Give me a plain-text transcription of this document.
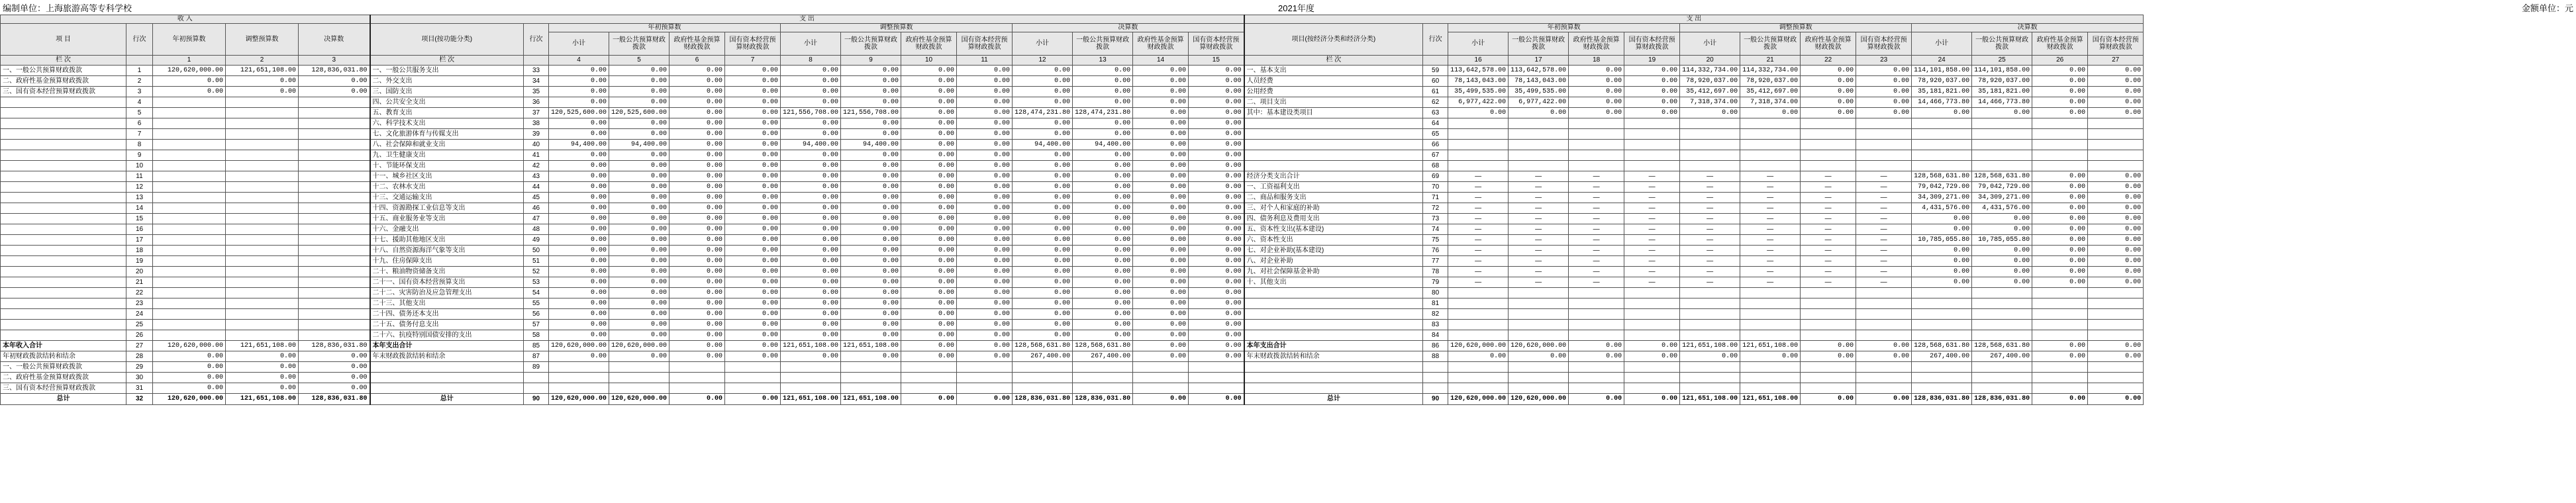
编制单位：上海旅游高等专科学校	2021年度	金额单位：元
收 入					支 出														支 出													
项 目	行次	年初预算数	调整预算数	决算数	项目(按功能分类)	行次	年初预算数				调整预算数				决算数				项目(按经济分类和经济分类)	行次	年初预算数				调整预算数				决算数			
							小计	一般公共预算财政拨款	政府性基金预算财政拨款	国有资本经营预算财政拨款	小计	一般公共预算财政拨款	政府性基金预算财政拨款	国有资本经营预算财政拨款	小计	一般公共预算财政拨款	政府性基金预算财政拨款	国有资本经营预算财政拨款			小计	一般公共预算财政拨款	政府性基金预算财政拨款	国有资本经营预算财政拨款	小计	一般公共预算财政拨款	政府性基金预算财政拨款	国有资本经营预算财政拨款	小计	一般公共预算财政拨款	政府性基金预算财政拨款	国有资本经营预算财政拨款
栏 次		1	2	3	栏 次		4	5	6	7	8	9	10	11	12	13	14	15	栏 次		16	17	18	19	20	21	22	23	24	25	26	27
一、一般公共预算财政拨款	1	120,620,000.00	121,651,108.00	128,836,031.80	一、一般公共服务支出	33	0.00	0.00	0.00	0.00	0.00	0.00	0.00	0.00	0.00	0.00	0.00	0.00	一、基本支出	59	113,642,578.00	113,642,578.00	0.00	0.00	114,332,734.00	114,332,734.00	0.00	0.00	114,101,858.00	114,101,858.00	0.00	0.00
二、政府性基金预算财政拨款	2	0.00	0.00	0.00	二、外交支出	34	0.00	0.00	0.00	0.00	0.00	0.00	0.00	0.00	0.00	0.00	0.00	0.00	人员经费	60	78,143,043.00	78,143,043.00	0.00	0.00	78,920,037.00	78,920,037.00	0.00	0.00	78,920,037.00	78,920,037.00	0.00	0.00
三、国有资本经营预算财政拨款	3	0.00	0.00	0.00	三、国防支出	35	0.00	0.00	0.00	0.00	0.00	0.00	0.00	0.00	0.00	0.00	0.00	0.00	公用经费	61	35,499,535.00	35,499,535.00	0.00	0.00	35,412,697.00	35,412,697.00	0.00	0.00	35,181,821.00	35,181,821.00	0.00	0.00
	4				四、公共安全支出	36	0.00	0.00	0.00	0.00	0.00	0.00	0.00	0.00	0.00	0.00	0.00	0.00	二、项目支出	62	6,977,422.00	6,977,422.00	0.00	0.00	7,318,374.00	7,318,374.00	0.00	0.00	14,466,773.80	14,466,773.80	0.00	0.00
	5				五、教育支出	37	120,525,600.00	120,525,600.00	0.00	0.00	121,556,708.00	121,556,708.00	0.00	0.00	128,474,231.80	128,474,231.80	0.00	0.00	其中：基本建设类项目	63	0.00	0.00	0.00	0.00	0.00	0.00	0.00	0.00	0.00	0.00	0.00	0.00
	6				六、科学技术支出	38	0.00	0.00	0.00	0.00	0.00	0.00	0.00	0.00	0.00	0.00	0.00	0.00		64												
	7				七、文化旅游体育与传媒支出	39	0.00	0.00	0.00	0.00	0.00	0.00	0.00	0.00	0.00	0.00	0.00	0.00		65												
	8				八、社会保障和就业支出	40	94,400.00	94,400.00	0.00	0.00	94,400.00	94,400.00	0.00	0.00	94,400.00	94,400.00	0.00	0.00		66												
	9				九、卫生健康支出	41	0.00	0.00	0.00	0.00	0.00	0.00	0.00	0.00	0.00	0.00	0.00	0.00		67												
	10				十、节能环保支出	42	0.00	0.00	0.00	0.00	0.00	0.00	0.00	0.00	0.00	0.00	0.00	0.00		68												
	11				十一、城乡社区支出	43	0.00	0.00	0.00	0.00	0.00	0.00	0.00	0.00	0.00	0.00	0.00	0.00	经济分类支出合计	69	—	—	—	—	—	—	—	—	128,568,631.80	128,568,631.80	0.00	0.00
	12				十二、农林水支出	44	0.00	0.00	0.00	0.00	0.00	0.00	0.00	0.00	0.00	0.00	0.00	0.00	一、工资福利支出	70	—	—	—	—	—	—	—	—	79,042,729.00	79,042,729.00	0.00	0.00
	13				十三、交通运输支出	45	0.00	0.00	0.00	0.00	0.00	0.00	0.00	0.00	0.00	0.00	0.00	0.00	二、商品和服务支出	71	—	—	—	—	—	—	—	—	34,309,271.00	34,309,271.00	0.00	0.00
	14				十四、资源勘探工业信息等支出	46	0.00	0.00	0.00	0.00	0.00	0.00	0.00	0.00	0.00	0.00	0.00	0.00	三、对个人和家庭的补助	72	—	—	—	—	—	—	—	—	4,431,576.00	4,431,576.00	0.00	0.00
	15				十五、商业服务业等支出	47	0.00	0.00	0.00	0.00	0.00	0.00	0.00	0.00	0.00	0.00	0.00	0.00	四、债务利息及费用支出	73	—	—	—	—	—	—	—	—	0.00	0.00	0.00	0.00
	16				十六、金融支出	48	0.00	0.00	0.00	0.00	0.00	0.00	0.00	0.00	0.00	0.00	0.00	0.00	五、资本性支出(基本建设)	74	—	—	—	—	—	—	—	—	0.00	0.00	0.00	0.00
	17				十七、援助其他地区支出	49	0.00	0.00	0.00	0.00	0.00	0.00	0.00	0.00	0.00	0.00	0.00	0.00	六、资本性支出	75	—	—	—	—	—	—	—	—	10,785,055.80	10,785,055.80	0.00	0.00
	18				十八、自然资源海洋气象等支出	50	0.00	0.00	0.00	0.00	0.00	0.00	0.00	0.00	0.00	0.00	0.00	0.00	七、对企业补助(基本建设)	76	—	—	—	—	—	—	—	—	0.00	0.00	0.00	0.00
	19				十九、住房保障支出	51	0.00	0.00	0.00	0.00	0.00	0.00	0.00	0.00	0.00	0.00	0.00	0.00	八、对企业补助	77	—	—	—	—	—	—	—	—	0.00	0.00	0.00	0.00
	20				二十、粮油物资储备支出	52	0.00	0.00	0.00	0.00	0.00	0.00	0.00	0.00	0.00	0.00	0.00	0.00	九、对社会保障基金补助	78	—	—	—	—	—	—	—	—	0.00	0.00	0.00	0.00
	21				二十一、国有资本经营预算支出	53	0.00	0.00	0.00	0.00	0.00	0.00	0.00	0.00	0.00	0.00	0.00	0.00	十、其他支出	79	—	—	—	—	—	—	—	—	0.00	0.00	0.00	0.00
	22				二十二、灾害防治及应急管理支出	54	0.00	0.00	0.00	0.00	0.00	0.00	0.00	0.00	0.00	0.00	0.00	0.00		80												
	23				二十三、其他支出	55	0.00	0.00	0.00	0.00	0.00	0.00	0.00	0.00	0.00	0.00	0.00	0.00		81												
	24				二十四、债务还本支出	56	0.00	0.00	0.00	0.00	0.00	0.00	0.00	0.00	0.00	0.00	0.00	0.00		82												
	25				二十五、债务付息支出	57	0.00	0.00	0.00	0.00	0.00	0.00	0.00	0.00	0.00	0.00	0.00	0.00		83												
	26				二十六、抗疫特别国债安排的支出	58	0.00	0.00	0.00	0.00	0.00	0.00	0.00	0.00	0.00	0.00	0.00	0.00		84												
本年收入合计	27	120,620,000.00	121,651,108.00	128,836,031.80	本年支出合计	85	120,620,000.00	120,620,000.00	0.00	0.00	121,651,108.00	121,651,108.00	0.00	0.00	128,568,631.80	128,568,631.80	0.00	0.00	本年支出合计	86	120,620,000.00	120,620,000.00	0.00	0.00	121,651,108.00	121,651,108.00	0.00	0.00	128,568,631.80	128,568,631.80	0.00	0.00
年初财政拨款结转和结余	28	0.00	0.00	0.00	年末财政拨款结转和结余	87	0.00	0.00	0.00	0.00	0.00	0.00	0.00	0.00	267,400.00	267,400.00	0.00	0.00	年末财政拨款结转和结余	88	0.00	0.00	0.00	0.00	0.00	0.00	0.00	0.00	267,400.00	267,400.00	0.00	0.00
一、一般公共预算财政拨款	29	0.00	0.00	0.00		89																										
二、政府性基金预算财政拨款	30	0.00	0.00	0.00																												
三、国有资本经营预算财政拨款	31	0.00	0.00	0.00																												
总计	32	120,620,000.00	121,651,108.00	128,836,031.80	总计	90	120,620,000.00	120,620,000.00	0.00	0.00	121,651,108.00	121,651,108.00	0.00	0.00	128,836,031.80	128,836,031.80	0.00	0.00	总计	90	120,620,000.00	120,620,000.00	0.00	0.00	121,651,108.00	121,651,108.00	0.00	0.00	128,836,031.80	128,836,031.80	0.00	0.00
